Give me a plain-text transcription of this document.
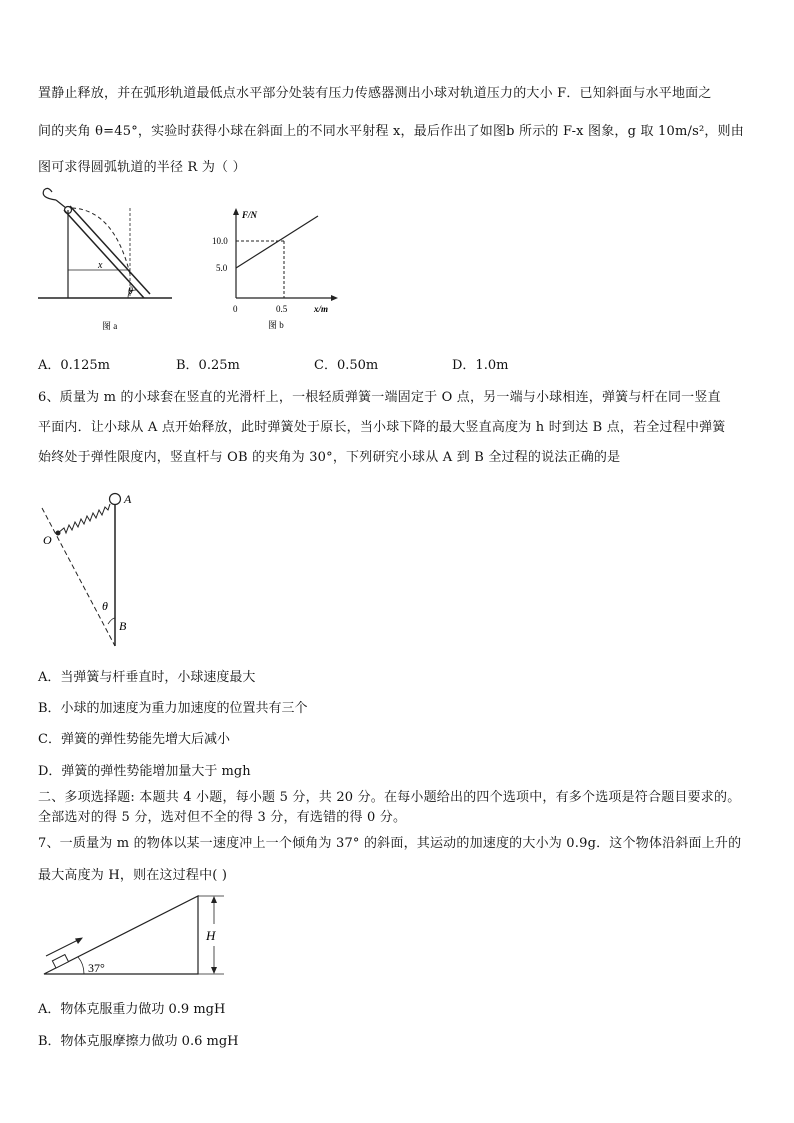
置静止释放，并在弧形轨道最低点水平部分处装有压力传感器测出小球对轨道压力的大小 F．已知斜面与水平地面之
间的夹角 θ=45°，实验时获得小球在斜面上的不同水平射程 x，最后作出了如图b 所示的 F-x 图象，g 取 10m/s²，则由
图可求得圆弧轨道的半径 R 为（ ）
x
θ
图 a
F/N
x/m
0
10.0
5.0
0.5
图 b
A．0.125m	B．0.25m	C．0.50m	D．1.0m
6、质量为 m 的小球套在竖直的光滑杆上，一根轻质弹簧一端固定于 O 点，另一端与小球相连，弹簧与杆在同一竖直
平面内．让小球从 A 点开始释放，此时弹簧处于原长，当小球下降的最大竖直高度为 h 时到达 B 点，若全过程中弹簧
始终处于弹性限度内，竖直杆与 OB 的夹角为 30°，下列研究小球从 A 到 B 全过程的说法正确的是
A
O
θ
B
A．当弹簧与杆垂直时，小球速度最大
B．小球的加速度为重力加速度的位置共有三个
C．弹簧的弹性势能先增大后减小
D．弹簧的弹性势能增加量大于 mgh
二、多项选择题: 本题共 4 小题，每小题 5 分，共 20 分。在每小题给出的四个选项中，有多个选项是符合题目要求的。
全部选对的得 5 分，选对但不全的得 3 分，有选错的得 0 分。
7、一质量为 m 的物体以某一速度冲上一个倾角为 37° 的斜面，其运动的加速度的大小为 0.9g．这个物体沿斜面上升的
最大高度为 H，则在这过程中( )
H
37°
A．物体克服重力做功 0.9 mgH
B．物体克服摩擦力做功 0.6 mgH
